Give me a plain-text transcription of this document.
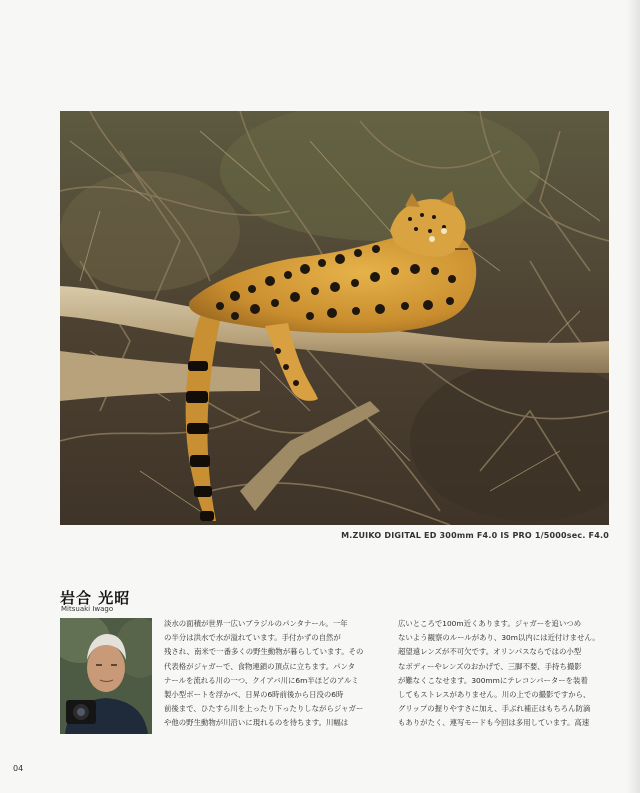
M.ZUIKO DIGITAL ED 300mm F4.0 IS PRO 1/5000sec. F4.0
岩合 光昭
Mitsuaki Iwago

淡水の面積が世界一広いブラジルのパンタナール。一年

の半分は洪水で水が溢れています。手付かずの自然が

残され、南米で一番多くの野生動物が暮らしています。その

代表格がジャガーで、食物連鎖の頂点に立ちます。パンタ

ナールを流れる川の一つ、クイアバ川に6m半ほどのアルミ

製小型ボートを浮かべ、日昇の6時前後から日没の6時

前後まで、ひたすら川を上ったり下ったりしながらジャガー

や他の野生動物が川沿いに現れるのを待ちます。川幅は

広いところで100m近くあります。ジャガーを追いつめ

ないよう観察のルールがあり、30m以内には近付けません。

超望遠レンズが不可欠です。オリンパスならではの小型

なボディーやレンズのおかげで、三脚不要、手持ち撮影

が難なくこなせます。300mmにテレコンバーターを装着

してもストレスがありません。川の上での撮影ですから、

グリップの握りやすさに加え、手ぶれ補正はもちろん防滴

もありがたく、連写モードも今回は多用しています。高速

04
